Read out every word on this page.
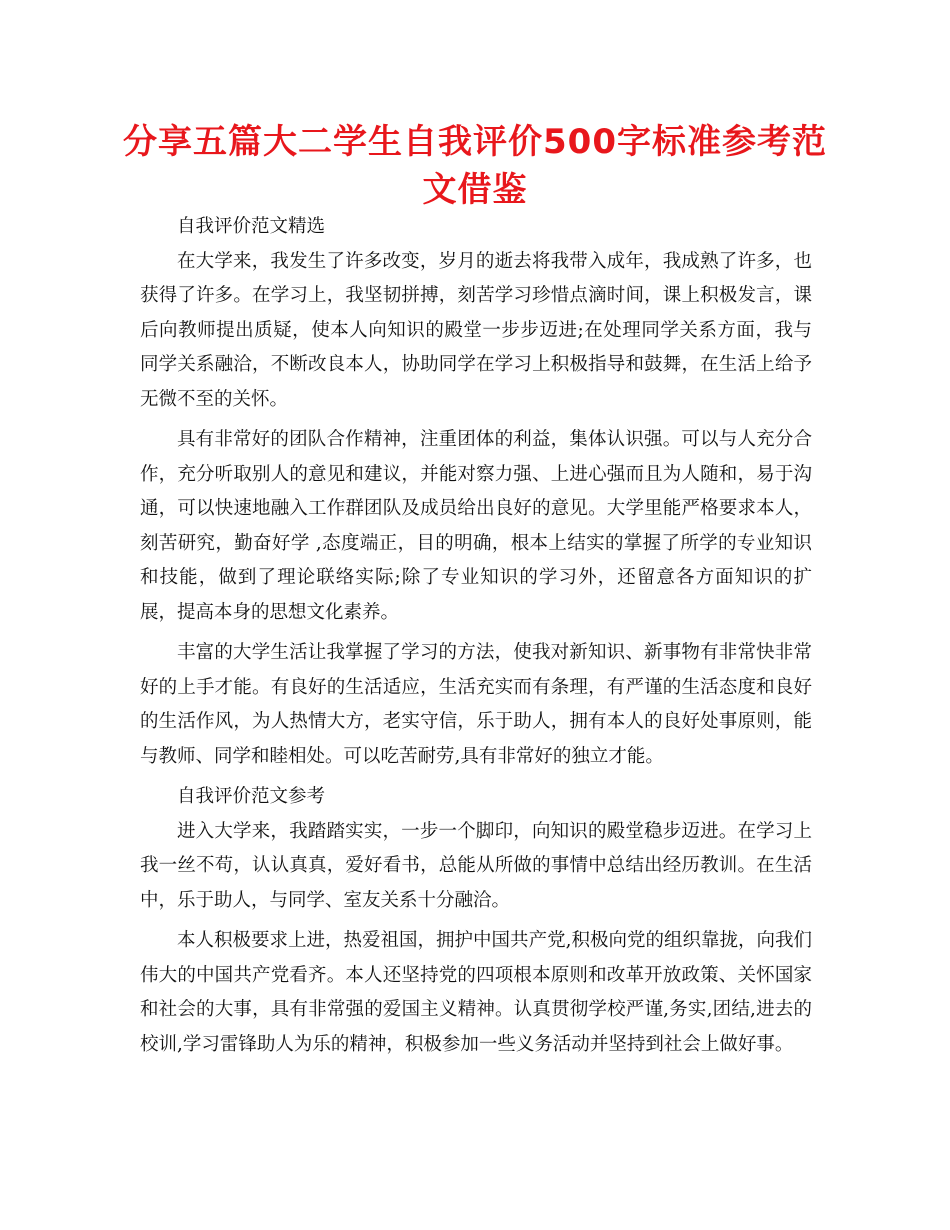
分享五篇大二学生自我评价500字标准参考范文借鉴

自我评价范文精选

在大学来，我发生了许多改变，岁月的逝去将我带入成年，我成熟了许多，也获得了许多。在学习上，我坚韧拼搏，刻苦学习珍惜点滴时间，课上积极发言，课后向教师提出质疑，使本人向知识的殿堂一步步迈进;在处理同学关系方面，我与同学关系融洽，不断改良本人，协助同学在学习上积极指导和鼓舞，在生活上给予无微不至的关怀。

具有非常好的团队合作精神，注重团体的利益，集体认识强。可以与人充分合作，充分听取别人的意见和建议，并能对察力强、上进心强而且为人随和，易于沟通，可以快速地融入工作群团队及成员给出良好的意见。大学里能严格要求本人，刻苦研究，勤奋好学 ,态度端正，目的明确，根本上结实的掌握了所学的专业知识和技能，做到了理论联络实际;除了专业知识的学习外，还留意各方面知识的扩展，提高本身的思想文化素养。

丰富的大学生活让我掌握了学习的方法，使我对新知识、新事物有非常快非常好的上手才能。有良好的生活适应，生活充实而有条理，有严谨的生活态度和良好的生活作风，为人热情大方，老实守信，乐于助人，拥有本人的良好处事原则，能与教师、同学和睦相处。可以吃苦耐劳,具有非常好的独立才能。

自我评价范文参考

进入大学来，我踏踏实实，一步一个脚印，向知识的殿堂稳步迈进。在学习上我一丝不苟，认认真真，爱好看书，总能从所做的事情中总结出经历教训。在生活中，乐于助人，与同学、室友关系十分融洽。

本人积极要求上进，热爱祖国，拥护中国共产党,积极向党的组织靠拢，向我们伟大的中国共产党看齐。本人还坚持党的四项根本原则和改革开放政策、关怀国家和社会的大事，具有非常强的爱国主义精神。认真贯彻学校严谨,务实,团结,进去的校训,学习雷锋助人为乐的精神，积极参加一些义务活动并坚持到社会上做好事。
